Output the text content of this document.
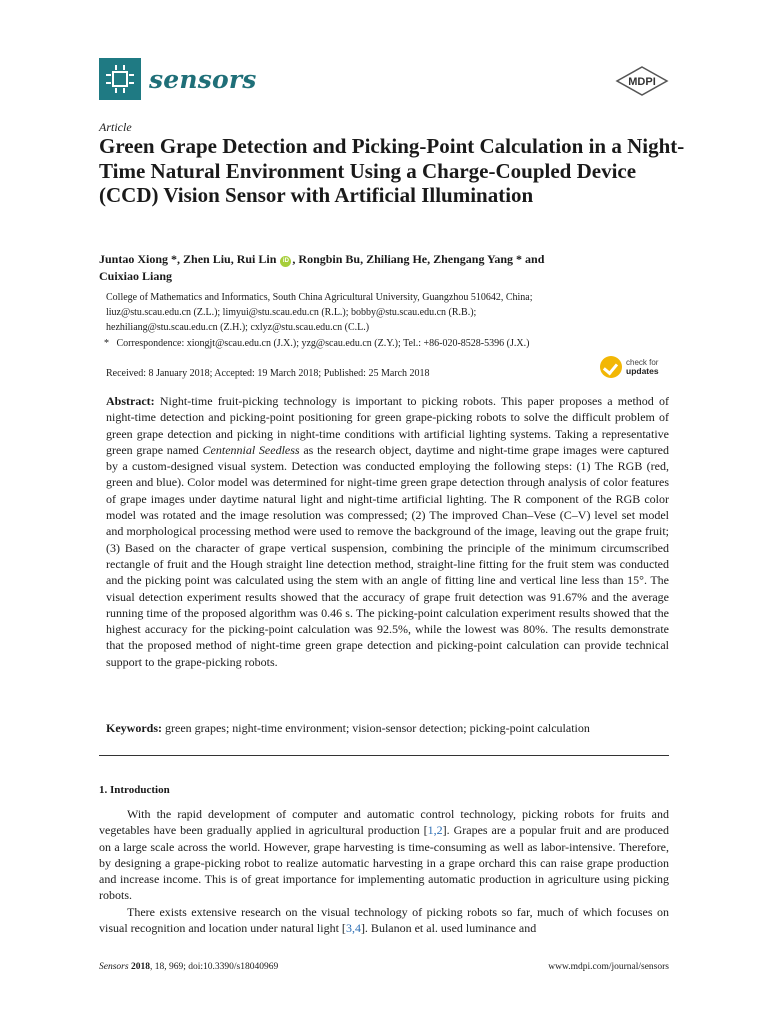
sensors	MDPI
Article
Green Grape Detection and Picking-Point Calculation in a Night-Time Natural Environment Using a Charge-Coupled Device (CCD) Vision Sensor with Artificial Illumination
Juntao Xiong *, Zhen Liu, Rui Lin iD , Rongbin Bu, Zhiliang He, Zhengang Yang * and
Cuixiao Liang
College of Mathematics and Informatics, South China Agricultural University, Guangzhou 510642, China;
liuz@stu.scau.edu.cn (Z.L.); limyui@stu.scau.edu.cn (R.L.); bobby@stu.scau.edu.cn (R.B.);
hezhiliang@stu.scau.edu.cn (Z.H.); cxlyz@stu.scau.edu.cn (C.L.)
* Correspondence: xiongjt@scau.edu.cn (J.X.); yzg@scau.edu.cn (Z.Y.); Tel.: +86-020-8528-5396 (J.X.)
Received: 8 January 2018; Accepted: 19 March 2018; Published: 25 March 2018
check for
updates

Abstract: Night-time fruit-picking technology is important to picking robots. This paper proposes a method of night-time detection and picking-point positioning for green grape-picking robots to solve the difficult problem of green grape detection and picking in night-time conditions with artificial lighting systems. Taking a representative green grape named Centennial Seedless as the research object, daytime and night-time grape images were captured by a custom-designed visual system. Detection was conducted employing the following steps: (1) The RGB (red, green and blue). Color model was determined for night-time green grape detection through analysis of color features of grape images under daytime natural light and night-time artificial lighting. The R component of the RGB color model was rotated and the image resolution was compressed; (2) The improved Chan–Vese (C–V) level set model and morphological processing method were used to remove the background of the image, leaving out the grape fruit; (3) Based on the character of grape vertical suspension, combining the principle of the minimum circumscribed rectangle of fruit and the Hough straight line detection method, straight-line fitting for the fruit stem was conducted and the picking point was calculated using the stem with an angle of fitting line and vertical line less than 15°. The visual detection experiment results showed that the accuracy of grape fruit detection was 91.67% and the average running time of the proposed algorithm was 0.46 s. The picking-point calculation experiment results showed that the highest accuracy for the picking-point calculation was 92.5%, while the lowest was 80%. The results demonstrate that the proposed method of night-time green grape detection and picking-point calculation can provide technical support to the grape-picking robots.

Keywords: green grapes; night-time environment; vision-sensor detection; picking-point calculation
1. Introduction

With the rapid development of computer and automatic control technology, picking robots for fruits and vegetables have been gradually applied in agricultural production [1,2]. Grapes are a popular fruit and are produced on a large scale across the world. However, grape harvesting is time-consuming as well as labor-intensive. Therefore, by designing a grape-picking robot to realize automatic harvesting in a grape orchard this can raise grape production and increase income. This is of great importance for implementing automatic production in agriculture using picking robots.

There exists extensive research on the visual technology of picking robots so far, much of which focuses on visual recognition and location under natural light [3,4]. Bulanon et al. used luminance and

Sensors 2018, 18, 969; doi:10.3390/s18040969	www.mdpi.com/journal/sensors
